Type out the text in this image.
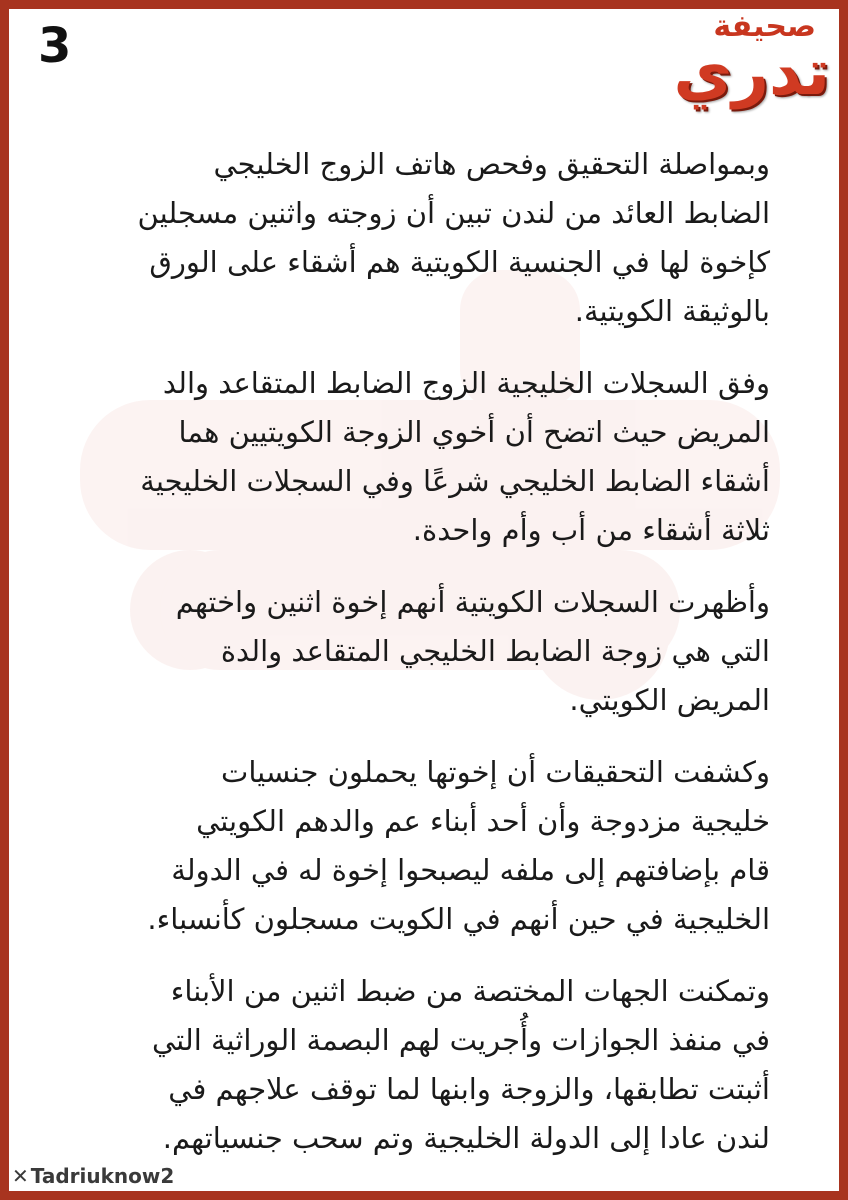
3	صحيفة
تدري

وبمواصلة التحقيق وفحص هاتف الزوج الخليجي
الضابط العائد من لندن تبين أن زوجته واثنين مسجلين
كإخوة لها في الجنسية الكويتية هم أشقاء على الورق
بالوثيقة الكويتية.

وفق السجلات الخليجية الزوج الضابط المتقاعد والد
المريض حيث اتضح أن أخوي الزوجة الكويتيين هما
أشقاء الضابط الخليجي شرعًا وفي السجلات الخليجية
ثلاثة أشقاء من أب وأم واحدة.

وأظهرت السجلات الكويتية أنهم إخوة اثنين واختهم
التي هي زوجة الضابط الخليجي المتقاعد والدة
المريض الكويتي.

وكشفت التحقيقات أن إخوتها يحملون جنسيات
خليجية مزدوجة وأن أحد أبناء عم والدهم الكويتي
قام بإضافتهم إلى ملفه ليصبحوا إخوة له في الدولة
الخليجية في حين أنهم في الكويت مسجلون كأنسباء.

وتمكنت الجهات المختصة من ضبط اثنين من الأبناء
في منفذ الجوازات وأُجريت لهم البصمة الوراثية التي
أثبتت تطابقها، والزوجة وابنها لما توقف علاجهم في
لندن عادا إلى الدولة الخليجية وتم سحب جنسياتهم.

✕ Tadriuknow2
